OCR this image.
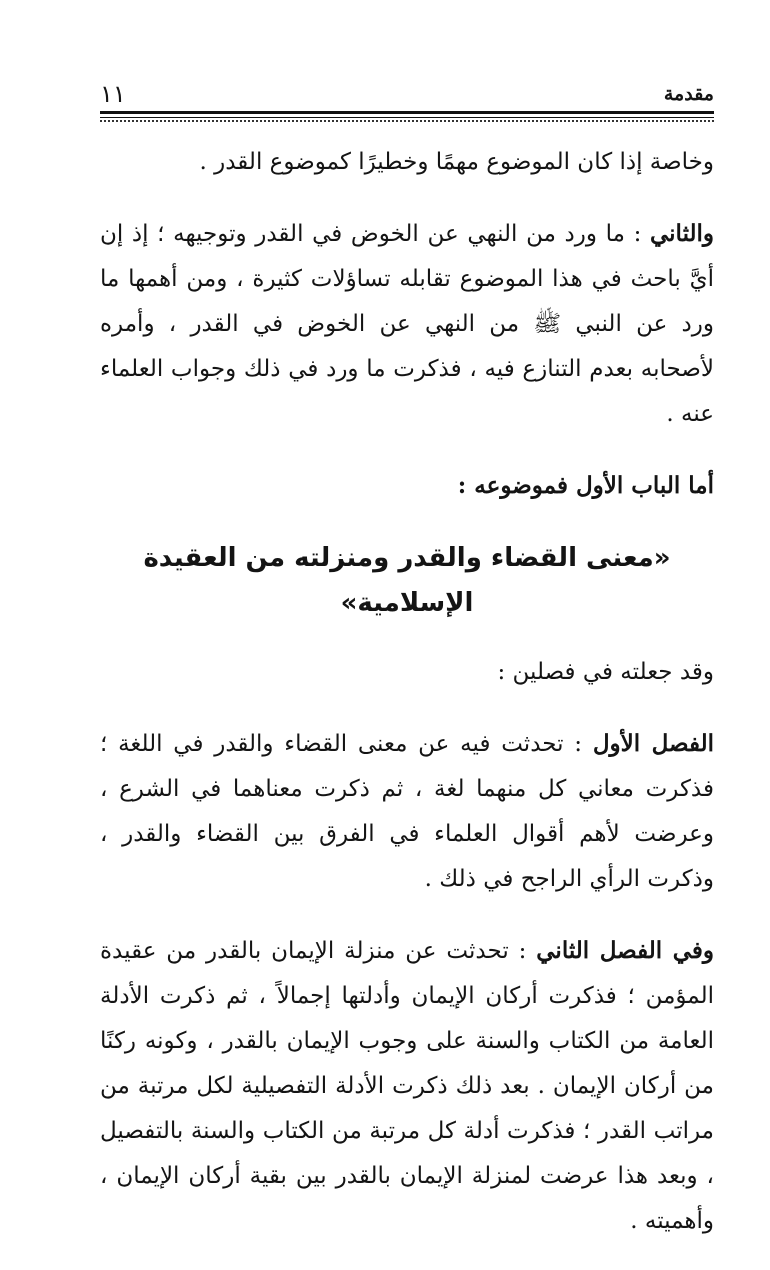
مقدمة
١١

وخاصة إذا كان الموضوع مهمًا وخطيرًا كموضوع القدر .

والثاني : ما ورد من النهي عن الخوض في القدر وتوجيهه ؛ إذ إن أيَّ باحث في هذا الموضوع تقابله تساؤلات كثيرة ، ومن أهمها ما ورد عن النبي ﷺ من النهي عن الخوض في القدر ، وأمره لأصحابه بعدم التنازع فيه ، فذكرت ما ورد في ذلك وجواب العلماء عنه .

أما الباب الأول فموضوعه :

«معنى القضاء والقدر ومنزلته من العقيدة الإسلامية»

وقد جعلته في فصلين :

الفصل الأول : تحدثت فيه عن معنى القضاء والقدر في اللغة ؛ فذكرت معاني كل منهما لغة ، ثم ذكرت معناهما في الشرع ، وعرضت لأهم أقوال العلماء في الفرق بين القضاء والقدر ، وذكرت الرأي الراجح في ذلك .

وفي الفصل الثاني : تحدثت عن منزلة الإيمان بالقدر من عقيدة المؤمن ؛ فذكرت أركان الإيمان وأدلتها إجمالاً ، ثم ذكرت الأدلة العامة من الكتاب والسنة على وجوب الإيمان بالقدر ، وكونه ركنًا من أركان الإيمان . بعد ذلك ذكرت الأدلة التفصيلية لكل مرتبة من مراتب القدر ؛ فذكرت أدلة كل مرتبة من الكتاب والسنة بالتفصيل ، وبعد هذا عرضت لمنزلة الإيمان بالقدر بين بقية أركان الإيمان ، وأهميته .
